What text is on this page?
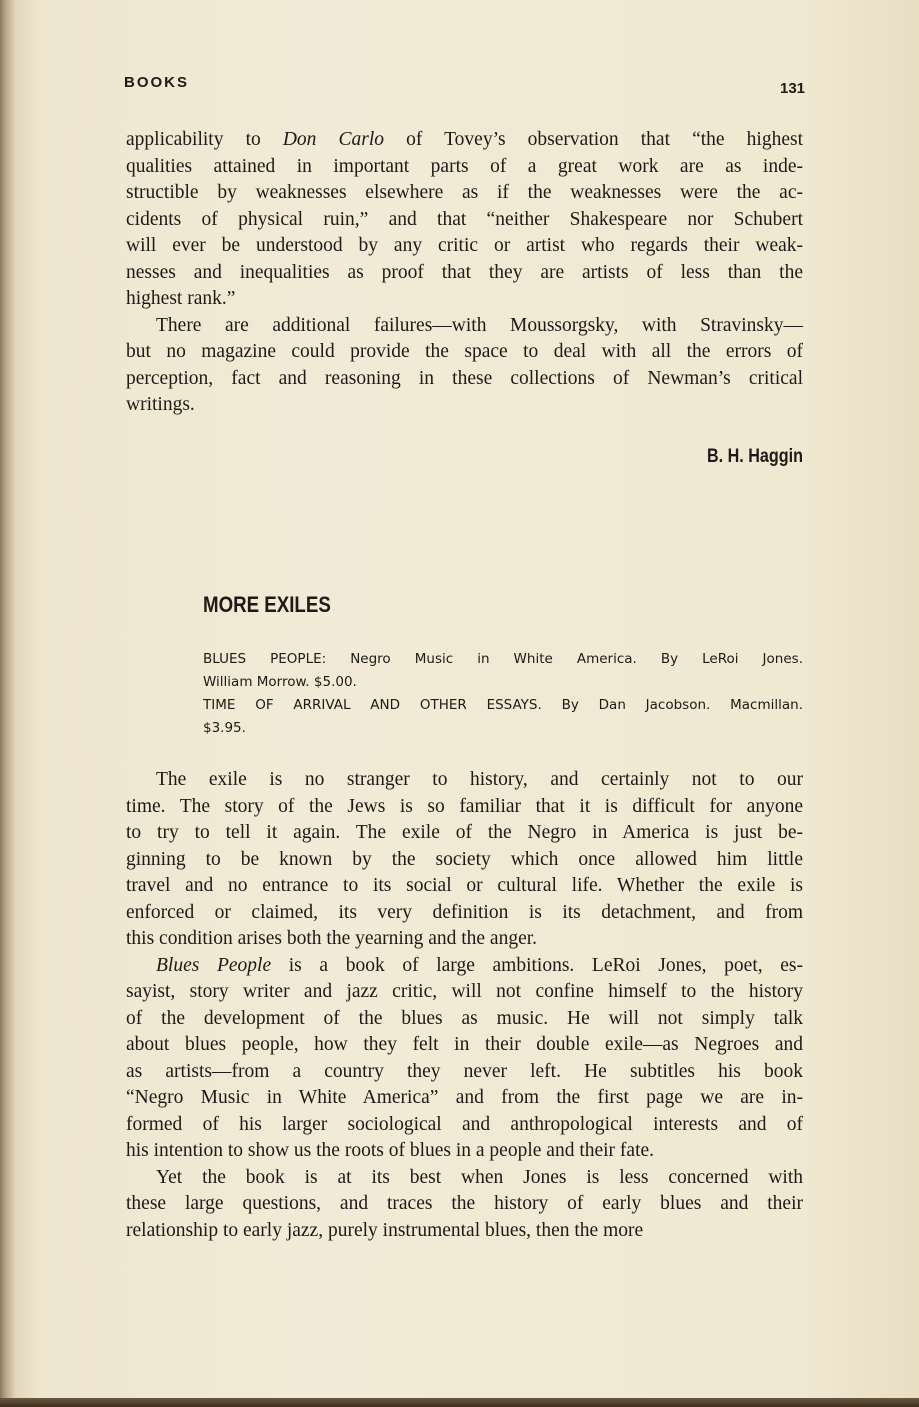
BOOKS	131
applicability to Don Carlo of Tovey’s observation that “the highest
qualities attained in important parts of a great work are as inde-
structible by weaknesses elsewhere as if the weaknesses were the ac-
cidents of physical ruin,” and that “neither Shakespeare nor Schubert
will ever be understood by any critic or artist who regards their weak-
nesses and inequalities as proof that they are artists of less than the
highest rank.”
There are additional failures—with Moussorgsky, with Stravinsky—
but no magazine could provide the space to deal with all the errors of
perception, fact and reasoning in these collections of Newman’s critical
writings.
B. H. Haggin
MORE EXILES
BLUES PEOPLE: Negro Music in White America. By LeRoi Jones.
William Morrow. $5.00.
TIME OF ARRIVAL AND OTHER ESSAYS. By Dan Jacobson. Macmillan.
$3.95.
The exile is no stranger to history, and certainly not to our
time. The story of the Jews is so familiar that it is difficult for anyone
to try to tell it again. The exile of the Negro in America is just be-
ginning to be known by the society which once allowed him little
travel and no entrance to its social or cultural life. Whether the exile is
enforced or claimed, its very definition is its detachment, and from
this condition arises both the yearning and the anger.
Blues People is a book of large ambitions. LeRoi Jones, poet, es-
sayist, story writer and jazz critic, will not confine himself to the history
of the development of the blues as music. He will not simply talk
about blues people, how they felt in their double exile—as Negroes and
as artists—from a country they never left. He subtitles his book
“Negro Music in White America” and from the first page we are in-
formed of his larger sociological and anthropological interests and of
his intention to show us the roots of blues in a people and their fate.
Yet the book is at its best when Jones is less concerned with
these large questions, and traces the history of early blues and their
relationship to early jazz, purely instrumental blues, then the more
